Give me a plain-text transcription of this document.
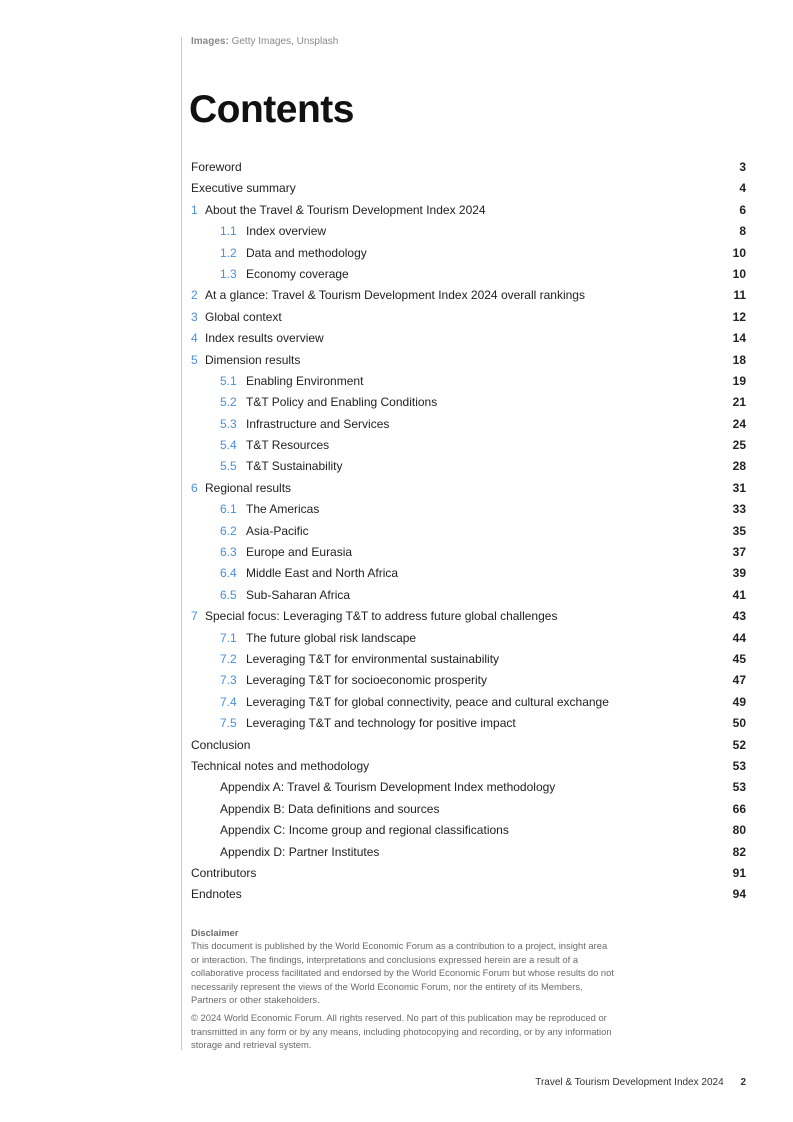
Images: Getty Images, Unsplash
Contents
Foreword	3
Executive summary	4
1 About the Travel & Tourism Development Index 2024	6
1.1 Index overview	8
1.2 Data and methodology	10
1.3 Economy coverage	10
2 At a glance: Travel & Tourism Development Index 2024 overall rankings	11
3 Global context	12
4 Index results overview	14
5 Dimension results	18
5.1 Enabling Environment	19
5.2 T&T Policy and Enabling Conditions	21
5.3 Infrastructure and Services	24
5.4 T&T Resources	25
5.5 T&T Sustainability	28
6 Regional results	31
6.1 The Americas	33
6.2 Asia-Pacific	35
6.3 Europe and Eurasia	37
6.4 Middle East and North Africa	39
6.5 Sub-Saharan Africa	41
7 Special focus: Leveraging T&T to address future global challenges	43
7.1 The future global risk landscape	44
7.2 Leveraging T&T for environmental sustainability	45
7.3 Leveraging T&T for socioeconomic prosperity	47
7.4 Leveraging T&T for global connectivity, peace and cultural exchange	49
7.5 Leveraging T&T and technology for positive impact	50
Conclusion	52
Technical notes and methodology	53
Appendix A: Travel & Tourism Development Index methodology	53
Appendix B: Data definitions and sources	66
Appendix C: Income group and regional classifications	80
Appendix D: Partner Institutes	82
Contributors	91
Endnotes	94
Disclaimer

This document is published by the World Economic Forum as a contribution to a project, insight area or interaction. The findings, interpretations and conclusions expressed herein are a result of a collaborative process facilitated and endorsed by the World Economic Forum but whose results do not necessarily represent the views of the World Economic Forum, nor the entirety of its Members, Partners or other stakeholders.

© 2024 World Economic Forum. All rights reserved. No part of this publication may be reproduced or transmitted in any form or by any means, including photocopying and recording, or by any information storage and retrieval system.

Travel & Tourism Development Index 2024 2
